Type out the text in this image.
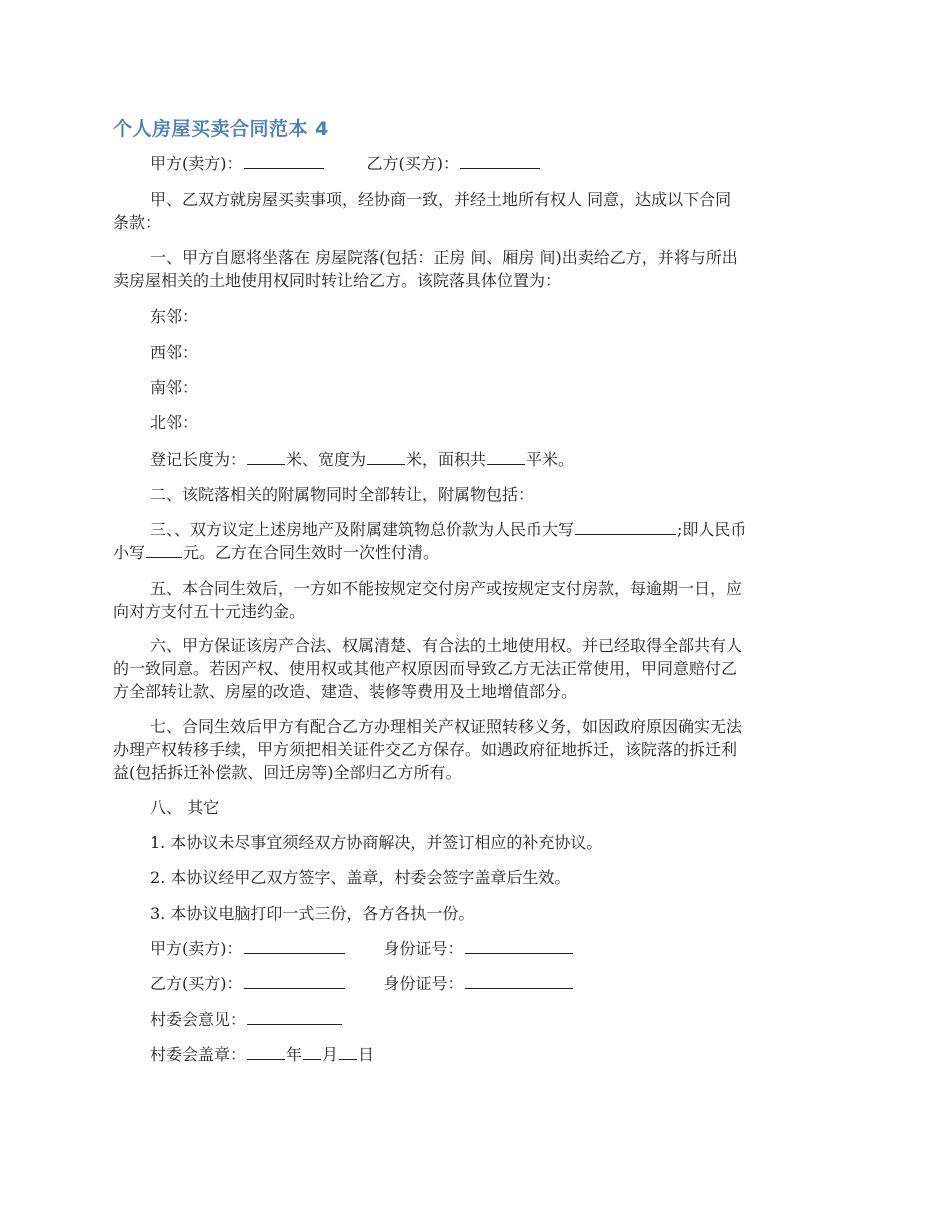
个人房屋买卖合同范本 4
甲方(卖方)：	乙方(买方)：
甲、乙双方就房屋买卖事项，经协商一致，并经土地所有权人 同意，达成以下合同
条款：
一、甲方自愿将坐落在 房屋院落(包括：正房 间、厢房 间)出卖给乙方，并将与所出
卖房屋相关的土地使用权同时转让给乙方。该院落具体位置为：
东邻：
西邻：
南邻：
北邻：
登记长度为：	米、宽度为	米，面积共	平米。
二、该院落相关的附属物同时全部转让，附属物包括：
三、、双方议定上述房地产及附属建筑物总价款为人民币大写	;即人民币
小写 元。乙方在合同生效时一次性付清。
五、本合同生效后，一方如不能按规定交付房产或按规定支付房款，每逾期一日，应
向对方支付五十元违约金。
六、甲方保证该房产合法、权属清楚、有合法的土地使用权。并已经取得全部共有人
的一致同意。若因产权、使用权或其他产权原因而导致乙方无法正常使用，甲同意赔付乙
方全部转让款、房屋的改造、建造、装修等费用及土地增值部分。
七、合同生效后甲方有配合乙方办理相关产权证照转移义务，如因政府原因确实无法
办理产权转移手续，甲方须把相关证件交乙方保存。如遇政府征地拆迁，该院落的拆迁利
益(包括拆迁补偿款、回迁房等)全部归乙方所有。
八、 其它
1. 本协议未尽事宜须经双方协商解决，并签订相应的补充协议。
2. 本协议经甲乙双方签字、盖章，村委会签字盖章后生效。
3. 本协议电脑打印一式三份，各方各执一份。
甲方(卖方)：	身份证号：
乙方(买方)：	身份证号：
村委会意见：
村委会盖章：	年 月 日
